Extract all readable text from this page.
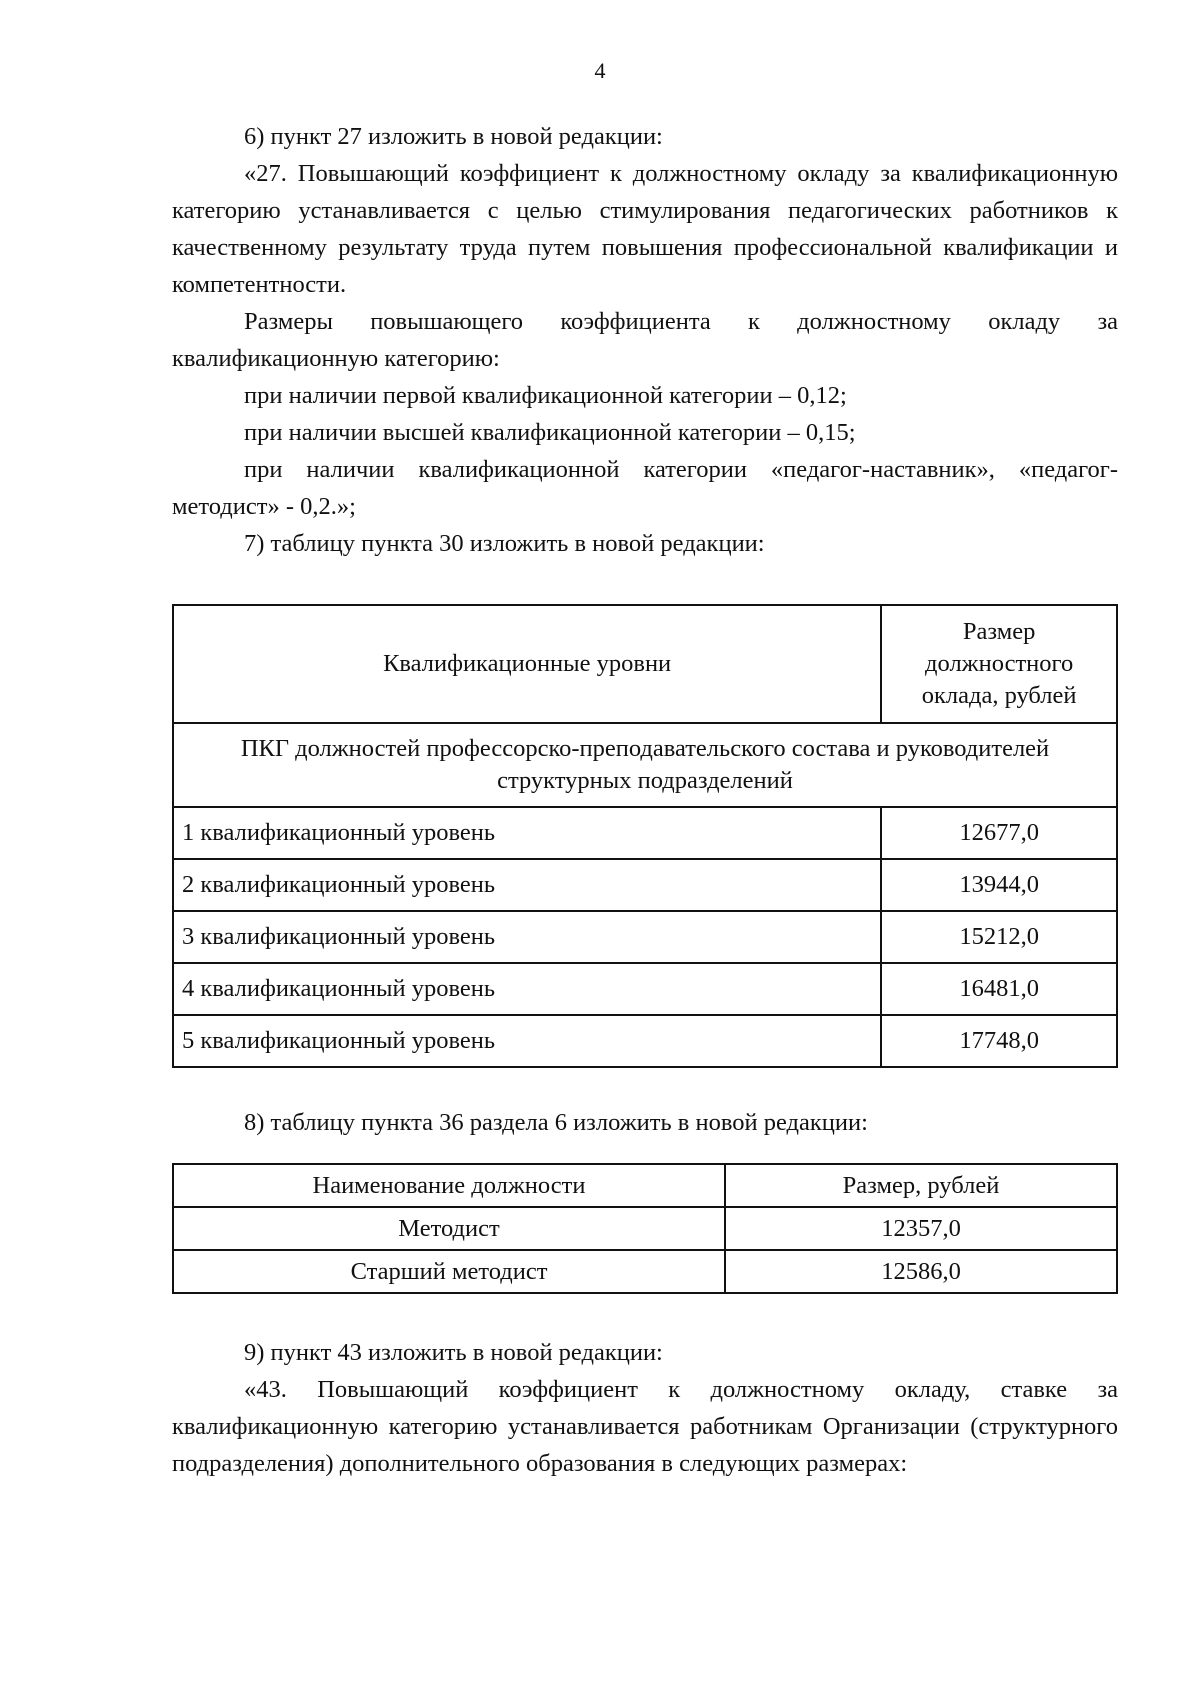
4

6) пункт 27 изложить в новой редакции:

«27. Повышающий коэффициент к должностному окладу за квалификационную категорию устанавливается с целью стимулирования педагогических работников к качественному результату труда путем повышения профессиональной квалификации и компетентности.

Размеры повышающего коэффициента к должностному окладу за квалификационную категорию:

при наличии первой квалификационной категории – 0,12;

при наличии высшей квалификационной категории – 0,15;

при наличии квалификационной категории «педагог-наставник», «педагог-методист» - 0,2.»;

7) таблицу пункта 30 изложить в новой редакции:

Квалификационные уровни	Размер должностного оклада, рублей
ПКГ должностей профессорско-преподавательского состава и руководителей структурных подразделений	
1 квалификационный уровень	12677,0
2 квалификационный уровень	13944,0
3 квалификационный уровень	15212,0
4 квалификационный уровень	16481,0
5 квалификационный уровень	17748,0

8) таблицу пункта 36 раздела 6 изложить в новой редакции:

Наименование должности	Размер, рублей
Методист	12357,0
Старший методист	12586,0

9) пункт 43 изложить в новой редакции:

«43. Повышающий коэффициент к должностному окладу, ставке за квалификационную категорию устанавливается работникам Организации (структурного подразделения) дополнительного образования в следующих размерах:
